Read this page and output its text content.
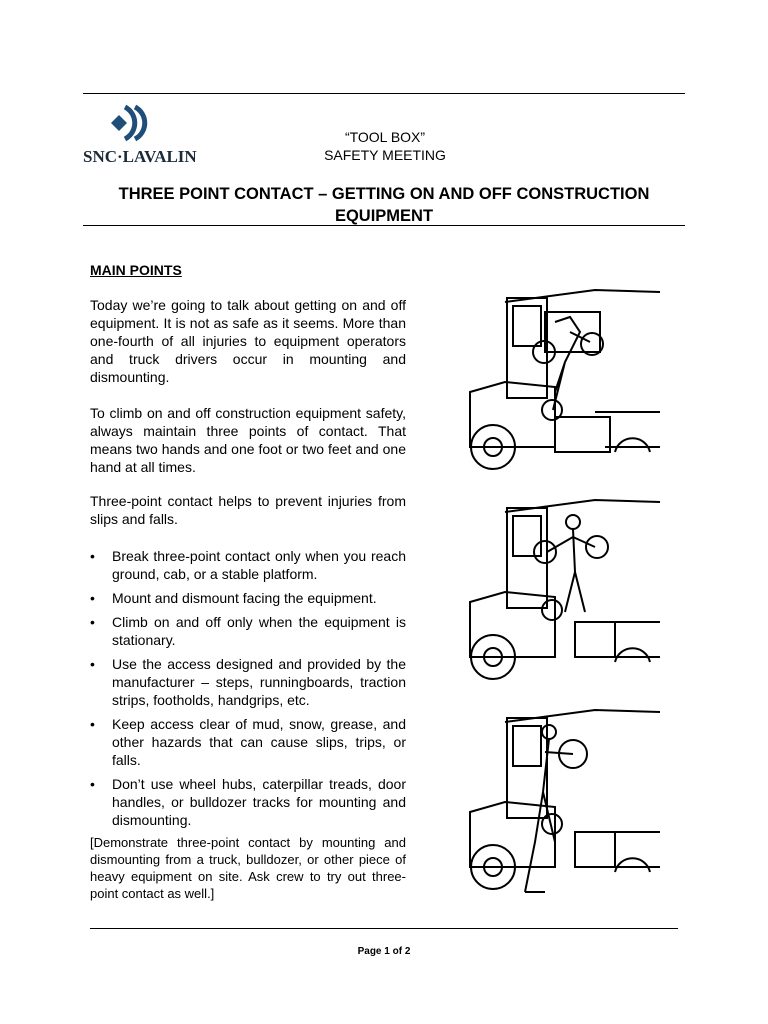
SNC·LAVALIN
“TOOL BOX”
SAFETY MEETING
THREE POINT CONTACT – GETTING ON AND OFF CONSTRUCTION
EQUIPMENT
MAIN POINTS

Today we’re going to talk about getting on and off equipment. It is not as safe as it seems. More than one-fourth of all injuries to equipment operators and truck drivers occur in mounting and dismounting.

To climb on and off construction equipment safety, always maintain three points of contact. That means two hands and one foot or two feet and one hand at all times.

Three-point contact helps to prevent injuries from slips and falls.

• Break three-point contact only when you reach ground, cab, or a stable platform.
• Mount and dismount facing the equipment.
• Climb on and off only when the equipment is stationary.
• Use the access designed and provided by the manufacturer – steps, runningboards, traction strips, footholds, handgrips, etc.
• Keep access clear of mud, snow, grease, and other hazards that can cause slips, trips, or falls.
• Don’t use wheel hubs, caterpillar treads, door handles, or bulldozer tracks for mounting and dismounting.

[Demonstrate three-point contact by mounting and dismounting from a truck, bulldozer, or other piece of heavy equipment on site. Ask crew to try out three-point contact as well.]

Page 1 of 2
